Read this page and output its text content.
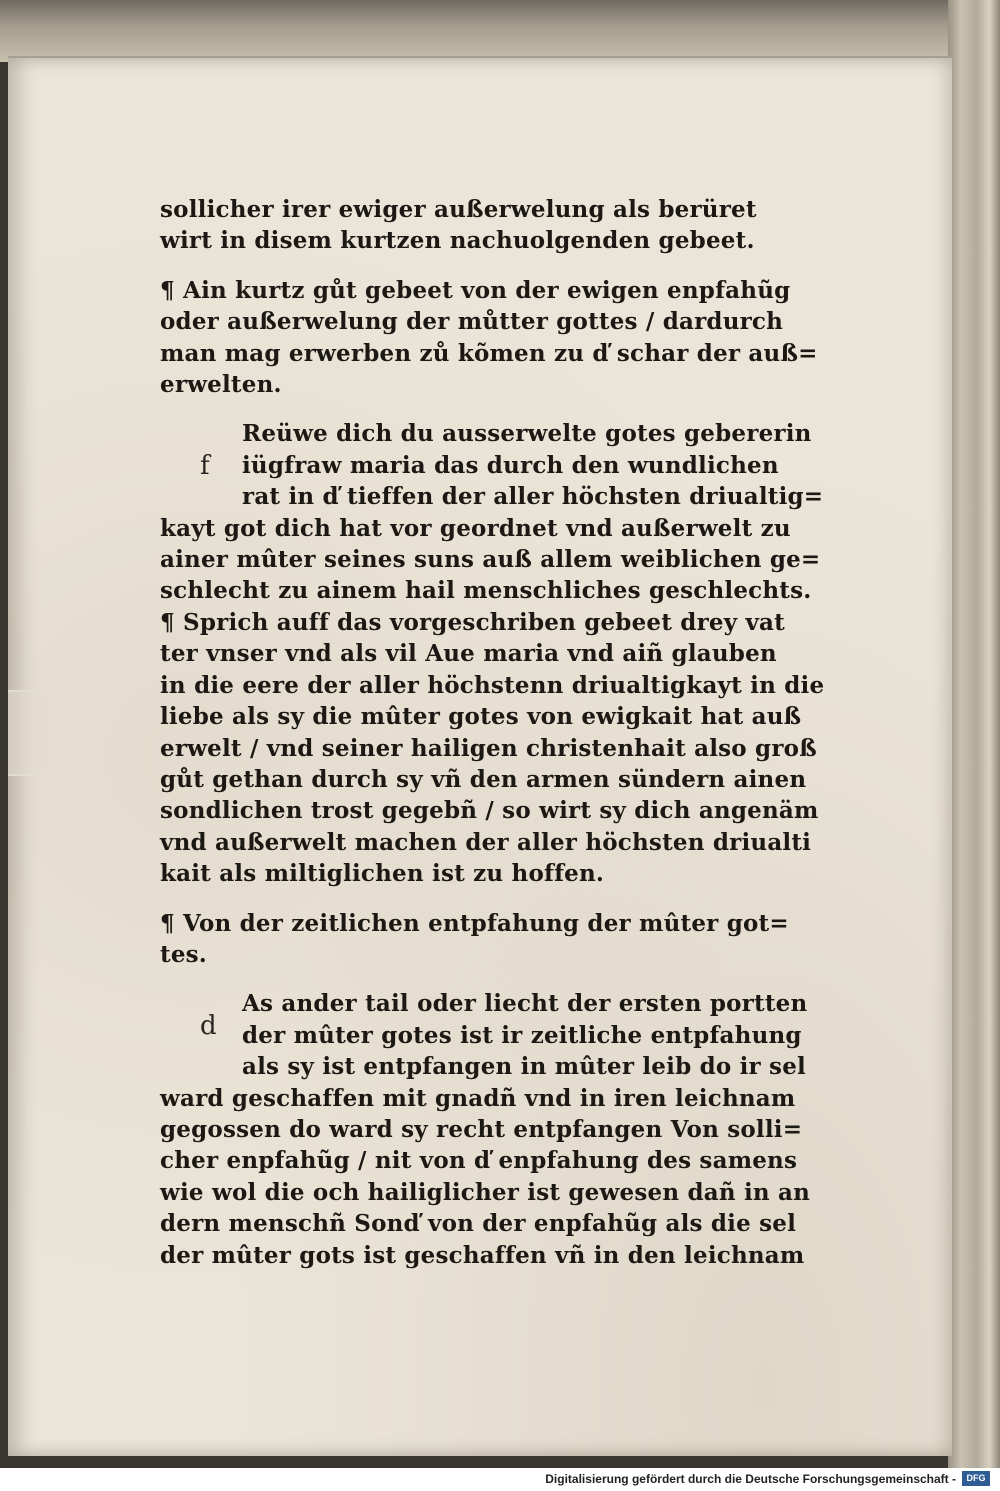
f
d
sollicher irer ewiger außerwelung als berüret
wirt in disem kurtzen nachuolgenden gebeet.
¶ Ain kurtz gůt gebeet von der ewigen enpfahũg
oder außerwelung der můtter gottes / dardurch
man mag erwerben zů kõmen zu ď schar der auß=
erwelten.
Reüwe dich du ausserwelte gotes gebererin
iügfraw maria das durch den wundlichen
rat in ď tieffen der aller höchsten driualtig=
kayt got dich hat vor geordnet vnd außerwelt zu
ainer mûter seines suns auß allem weiblichen ge=
schlecht zu ainem hail menschliches geschlechts.
¶ Sprich auff das vorgeschriben gebeet drey vat
ter vnser vnd als vil Aue maria vnd aiñ glauben
in die eere der aller höchstenn driualtigkayt in die
liebe als sy die mûter gotes von ewigkait hat auß
erwelt / vnd seiner hailigen christenhait also groß
gůt gethan durch sy vñ den armen sündern ainen
sondlichen trost gegebñ / so wirt sy dich angenäm
vnd außerwelt machen der aller höchsten driualti
kait als miltiglichen ist zu hoffen.
¶ Von der zeitlichen entpfahung der mûter got=
tes.
As ander tail oder liecht der ersten portten
der mûter gotes ist ir zeitliche entpfahung
als sy ist entpfangen in mûter leib do ir sel
ward geschaffen mit gnadñ vnd in iren leichnam
gegossen do ward sy recht entpfangen Von solli=
cher enpfahũg / nit von ď enpfahung des samens
wie wol die och hailiglicher ist gewesen dañ in an
dern menschñ Sonď von der enpfahũg als die sel
der mûter gots ist geschaffen vñ in den leichnam
Digitalisierung gefördert durch die Deutsche Forschungsgemeinschaft -	DFG
